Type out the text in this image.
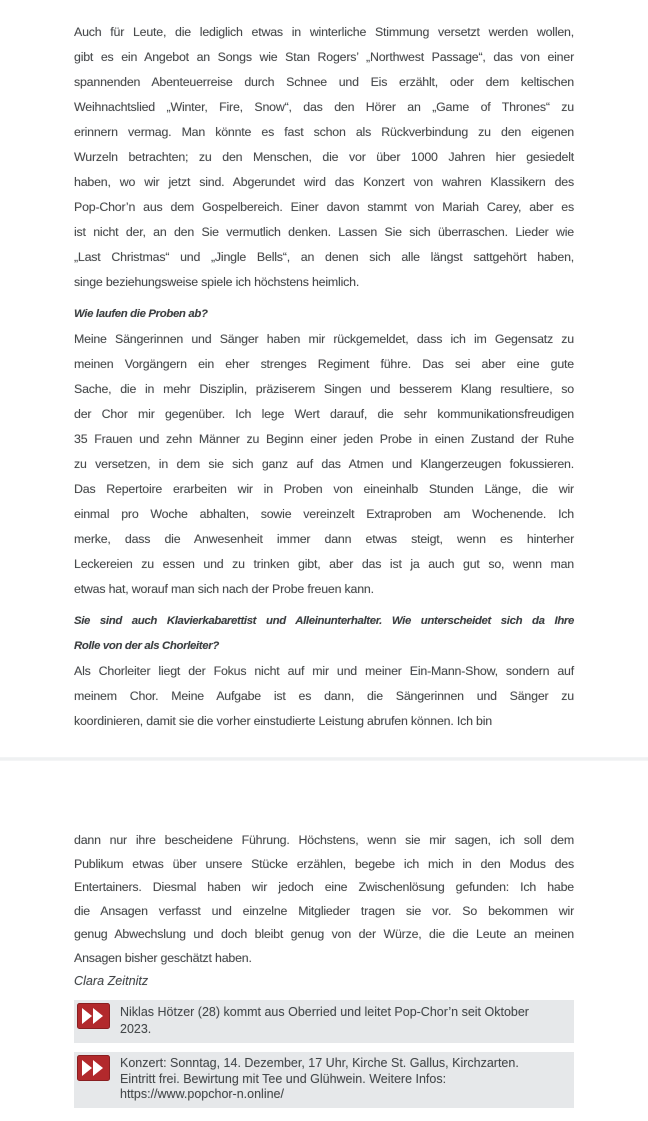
Auch für Leute, die lediglich etwas in winterliche Stimmung versetzt werden wollen,
gibt es ein Angebot an Songs wie Stan Rogers’ „Northwest Passage“, das von einer
spannenden Abenteuerreise durch Schnee und Eis erzählt, oder dem keltischen
Weihnachtslied „Winter, Fire, Snow“, das den Hörer an „Game of Thrones“ zu
erinnern vermag. Man könnte es fast schon als Rückverbindung zu den eigenen
Wurzeln betrachten; zu den Menschen, die vor über 1000 Jahren hier gesiedelt
haben, wo wir jetzt sind. Abgerundet wird das Konzert von wahren Klassikern des
Pop-Chor’n aus dem Gospelbereich. Einer davon stammt von Mariah Carey, aber es
ist nicht der, an den Sie vermutlich denken. Lassen Sie sich überraschen. Lieder wie
„Last Christmas“ und „Jingle Bells“, an denen sich alle längst sattgehört haben,
singe beziehungsweise spiele ich höchstens heimlich.
Wie laufen die Proben ab?
Meine Sängerinnen und Sänger haben mir rückgemeldet, dass ich im Gegensatz zu
meinen Vorgängern ein eher strenges Regiment führe. Das sei aber eine gute
Sache, die in mehr Disziplin, präziserem Singen und besserem Klang resultiere, so
der Chor mir gegenüber. Ich lege Wert darauf, die sehr kommunikationsfreudigen
35 Frauen und zehn Männer zu Beginn einer jeden Probe in einen Zustand der Ruhe
zu versetzen, in dem sie sich ganz auf das Atmen und Klangerzeugen fokussieren.
Das Repertoire erarbeiten wir in Proben von eineinhalb Stunden Länge, die wir
einmal pro Woche abhalten, sowie vereinzelt Extraproben am Wochenende. Ich
merke, dass die Anwesenheit immer dann etwas steigt, wenn es hinterher
Leckereien zu essen und zu trinken gibt, aber das ist ja auch gut so, wenn man
etwas hat, worauf man sich nach der Probe freuen kann.
Sie sind auch Klavierkabarettist und Alleinunterhalter. Wie unterscheidet sich da Ihre
Rolle von der als Chorleiter?
Als Chorleiter liegt der Fokus nicht auf mir und meiner Ein-Mann-Show, sondern auf
meinem Chor. Meine Aufgabe ist es dann, die Sängerinnen und Sänger zu
koordinieren, damit sie die vorher einstudierte Leistung abrufen können. Ich bin
dann nur ihre bescheidene Führung. Höchstens, wenn sie mir sagen, ich soll dem
Publikum etwas über unsere Stücke erzählen, begebe ich mich in den Modus des
Entertainers. Diesmal haben wir jedoch eine Zwischenlösung gefunden: Ich habe
die Ansagen verfasst und einzelne Mitglieder tragen sie vor. So bekommen wir
genug Abwechslung und doch bleibt genug von der Würze, die die Leute an meinen
Ansagen bisher geschätzt haben.
Clara Zeitnitz
Niklas Hötzer (28) kommt aus Oberried und leitet Pop-Chor’n seit Oktober
2023.
Konzert: Sonntag, 14. Dezember, 17 Uhr, Kirche St. Gallus, Kirchzarten.
Eintritt frei. Bewirtung mit Tee und Glühwein. Weitere Infos:
https://www.popchor-n.online/
